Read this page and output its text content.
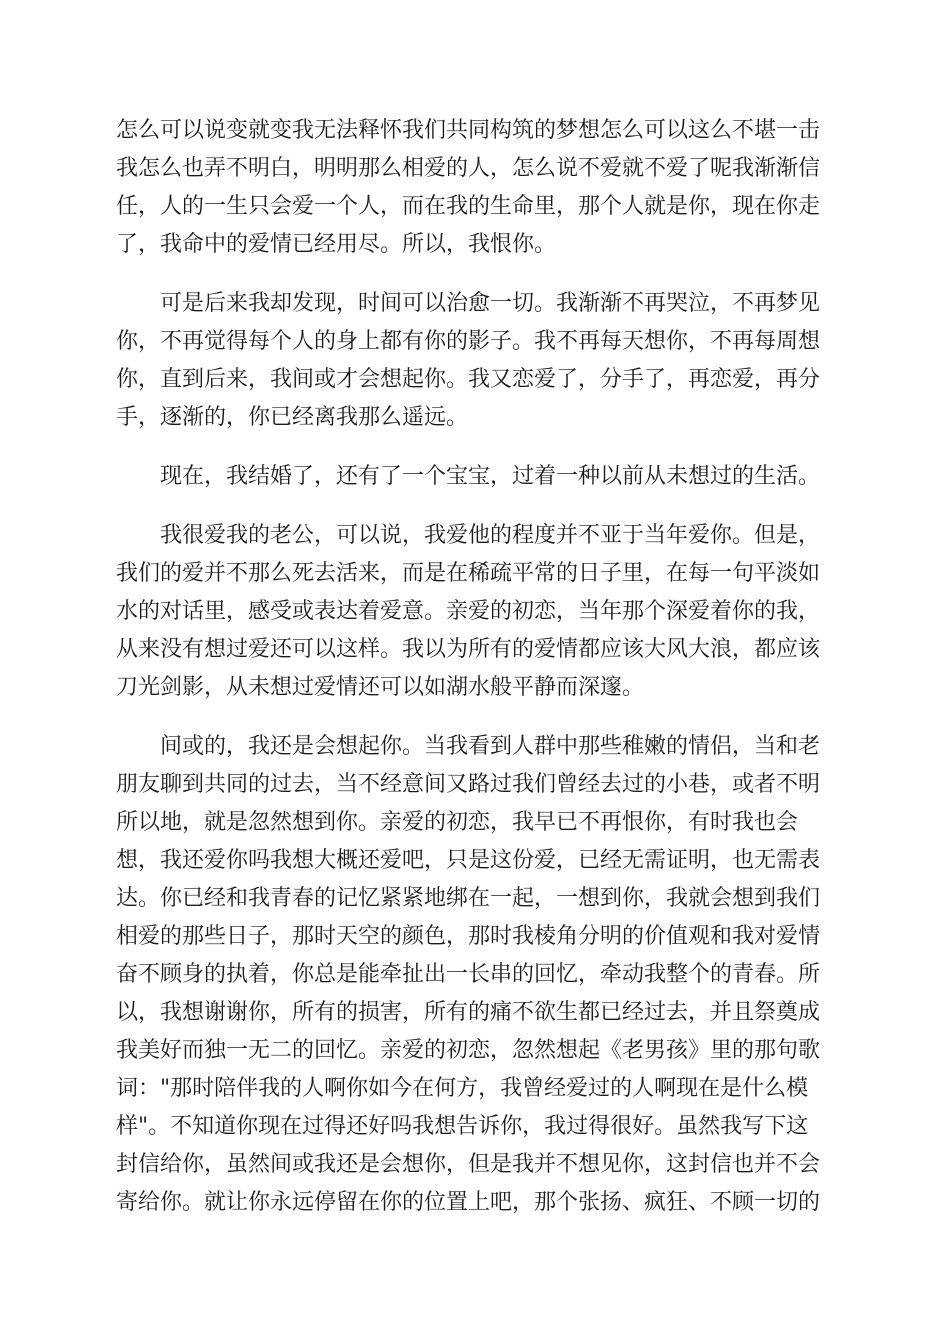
怎么可以说变就变我无法释怀我们共同构筑的梦想怎么可以这么不堪一击
我怎么也弄不明白，明明那么相爱的人，怎么说不爱就不爱了呢我渐渐信
任，人的一生只会爱一个人，而在我的生命里，那个人就是你，现在你走
了，我命中的爱情已经用尽。所以，我恨你。
可是后来我却发现，时间可以治愈一切。我渐渐不再哭泣，不再梦见
你，不再觉得每个人的身上都有你的影子。我不再每天想你，不再每周想
你，直到后来，我间或才会想起你。我又恋爱了，分手了，再恋爱，再分
手，逐渐的，你已经离我那么遥远。
现在，我结婚了，还有了一个宝宝，过着一种以前从未想过的生活。
我很爱我的老公，可以说，我爱他的程度并不亚于当年爱你。但是，
我们的爱并不那么死去活来，而是在稀疏平常的日子里，在每一句平淡如
水的对话里，感受或表达着爱意。亲爱的初恋，当年那个深爱着你的我，
从来没有想过爱还可以这样。我以为所有的爱情都应该大风大浪，都应该
刀光剑影，从未想过爱情还可以如湖水般平静而深邃。
间或的，我还是会想起你。当我看到人群中那些稚嫩的情侣，当和老
朋友聊到共同的过去，当不经意间又路过我们曾经去过的小巷，或者不明
所以地，就是忽然想到你。亲爱的初恋，我早已不再恨你，有时我也会
想，我还爱你吗我想大概还爱吧，只是这份爱，已经无需证明，也无需表
达。你已经和我青春的记忆紧紧地绑在一起，一想到你，我就会想到我们
相爱的那些日子，那时天空的颜色，那时我棱角分明的价值观和我对爱情
奋不顾身的执着，你总是能牵扯出一长串的回忆，牵动我整个的青春。所
以，我想谢谢你，所有的损害，所有的痛不欲生都已经过去，并且祭奠成
我美好而独一无二的回忆。亲爱的初恋，忽然想起《老男孩》里的那句歌
词："那时陪伴我的人啊你如今在何方，我曾经爱过的人啊现在是什么模
样"。不知道你现在过得还好吗我想告诉你，我过得很好。虽然我写下这
封信给你，虽然间或我还是会想你，但是我并不想见你，这封信也并不会
寄给你。就让你永远停留在你的位置上吧，那个张扬、疯狂、不顾一切的
